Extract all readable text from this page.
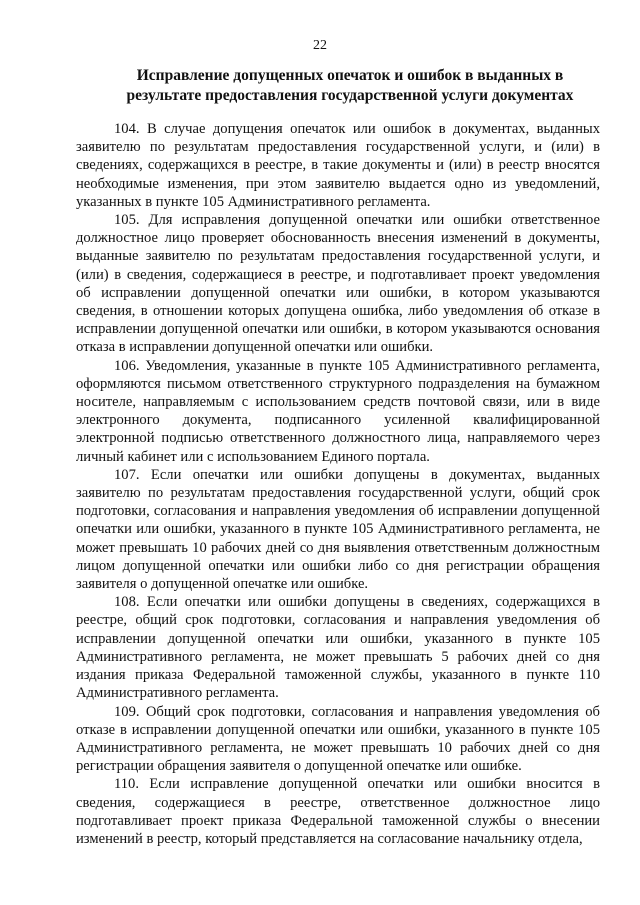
22
Исправление допущенных опечаток и ошибок в выданных в результате предоставления государственной услуги документах

104. В случае допущения опечаток или ошибок в документах, выданных заявителю по результатам предоставления государственной услуги, и (или) в сведениях, содержащихся в реестре, в такие документы и (или) в реестр вносятся необходимые изменения, при этом заявителю выдается одно из уведомлений, указанных в пункте 105 Административного регламента.

105. Для исправления допущенной опечатки или ошибки ответственное должностное лицо проверяет обоснованность внесения изменений в документы, выданные заявителю по результатам предоставления государственной услуги, и (или) в сведения, содержащиеся в реестре, и подготавливает проект уведомления об исправлении допущенной опечатки или ошибки, в котором указываются сведения, в отношении которых допущена ошибка, либо уведомления об отказе в исправлении допущенной опечатки или ошибки, в котором указываются основания отказа в исправлении допущенной опечатки или ошибки.

106. Уведомления, указанные в пункте 105 Административного регламента, оформляются письмом ответственного структурного подразделения на бумажном носителе, направляемым с использованием средств почтовой связи, или в виде электронного документа, подписанного усиленной квалифицированной электронной подписью ответственного должностного лица, направляемого через личный кабинет или с использованием Единого портала.

107. Если опечатки или ошибки допущены в документах, выданных заявителю по результатам предоставления государственной услуги, общий срок подготовки, согласования и направления уведомления об исправлении допущенной опечатки или ошибки, указанного в пункте 105 Административного регламента, не может превышать 10 рабочих дней со дня выявления ответственным должностным лицом допущенной опечатки или ошибки либо со дня регистрации обращения заявителя о допущенной опечатке или ошибке.

108. Если опечатки или ошибки допущены в сведениях, содержащихся в реестре, общий срок подготовки, согласования и направления уведомления об исправлении допущенной опечатки или ошибки, указанного в пункте 105 Административного регламента, не может превышать 5 рабочих дней со дня издания приказа Федеральной таможенной службы, указанного в пункте 110 Административного регламента.

109. Общий срок подготовки, согласования и направления уведомления об отказе в исправлении допущенной опечатки или ошибки, указанного в пункте 105 Административного регламента, не может превышать 10 рабочих дней со дня регистрации обращения заявителя о допущенной опечатке или ошибке.

110. Если исправление допущенной опечатки или ошибки вносится в сведения, содержащиеся в реестре, ответственное должностное лицо подготавливает проект приказа Федеральной таможенной службы о внесении изменений в реестр, который представляется на согласование начальнику отдела,
